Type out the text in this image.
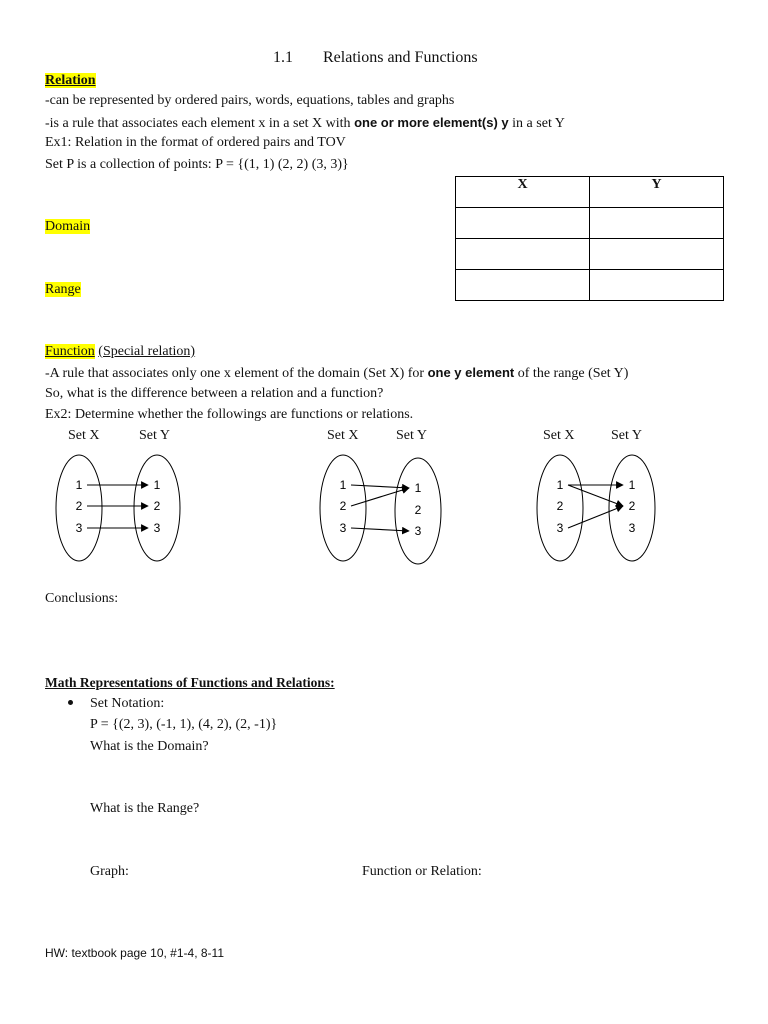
1.1 Relations and Functions
Relation
-can be represented by ordered pairs, words, equations, tables and graphs
-is a rule that associates each element x in a set X with one or more element(s) y in a set Y
Ex1: Relation in the format of ordered pairs and TOV
Set P is a collection of points: P = {(1, 1) (2, 2) (3, 3)}
Domain
Range
X	Y

Function (Special relation)
-A rule that associates only one x element of the domain (Set X) for one y element of the range (Set Y)
So, what is the difference between a relation and a function?
Ex2: Determine whether the followings are functions or relations.
Set X	Set Y	Set X	Set Y	Set X	Set Y
1
2
3
1
2
3
1
2
3
1
2
3
1
2
3
1
2
3
Conclusions:
Math Representations of Functions and Relations:
Set Notation:
P = {(2, 3), (-1, 1), (4, 2), (2, -1)}
What is the Domain?
What is the Range?
Graph:	Function or Relation:
HW: textbook page 10, #1-4, 8-11
